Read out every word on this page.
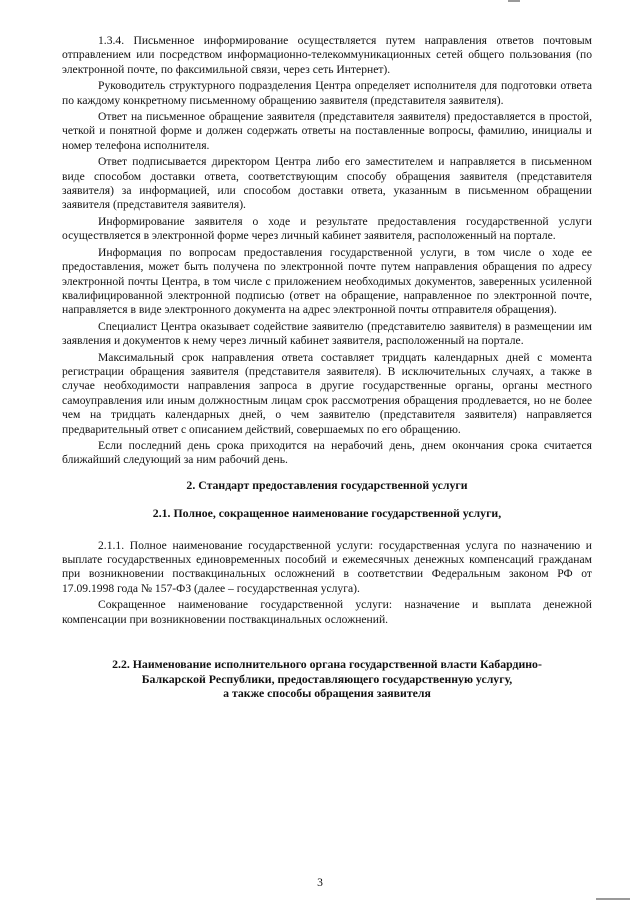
1.3.4. Письменное информирование осуществляется путем направления ответов почтовым отправлением или посредством информационно-телекоммуникационных сетей общего пользования (по электронной почте, по факсимильной связи, через сеть Интернет).

Руководитель структурного подразделения Центра определяет исполнителя для подготовки ответа по каждому конкретному письменному обращению заявителя (представителя заявителя).

Ответ на письменное обращение заявителя (представителя заявителя) предоставляется в простой, четкой и понятной форме и должен содержать ответы на поставленные вопросы, фамилию, инициалы и номер телефона исполнителя.

Ответ подписывается директором Центра либо его заместителем и направляется в письменном виде способом доставки ответа, соответствующим способу обращения заявителя (представителя заявителя) за информацией, или способом доставки ответа, указанным в письменном обращении заявителя (представителя заявителя).

Информирование заявителя о ходе и результате предоставления государственной услуги осуществляется в электронной форме через личный кабинет заявителя, расположенный на портале.

Информация по вопросам предоставления государственной услуги, в том числе о ходе ее предоставления, может быть получена по электронной почте путем направления обращения по адресу электронной почты Центра, в том числе с приложением необходимых документов, заверенных усиленной квалифицированной электронной подписью (ответ на обращение, направленное по электронной почте, направляется в виде электронного документа на адрес электронной почты отправителя обращения).

Специалист Центра оказывает содействие заявителю (представителю заявителя) в размещении им заявления и документов к нему через личный кабинет заявителя, расположенный на портале.

Максимальный срок направления ответа составляет тридцать календарных дней с момента регистрации обращения заявителя (представителя заявителя). В исключительных случаях, а также в случае необходимости направления запроса в другие государственные органы, органы местного самоуправления или иным должностным лицам срок рассмотрения обращения продлевается, но не более чем на тридцать календарных дней, о чем заявителю (представителя заявителя) направляется предварительный ответ с описанием действий, совершаемых по его обращению.

Если последний день срока приходится на нерабочий день, днем окончания срока считается ближайший следующий за ним рабочий день.

2. Стандарт предоставления государственной услуги
2.1. Полное, сокращенное наименование государственной услуги,

2.1.1. Полное наименование государственной услуги: государственная услуга по назначению и выплате государственных единовременных пособий и ежемесячных денежных компенсаций гражданам при возникновении поствакцинальных осложнений в соответствии Федеральным законом РФ от 17.09.1998 года № 157-ФЗ (далее – государственная услуга).

Сокращенное наименование государственной услуги: назначение и выплата денежной компенсации при возникновении поствакцинальных осложнений.

2.2. Наименование исполнительного органа государственной власти Кабардино-
Балкарской Республики, предоставляющего государственную услугу,
а также способы обращения заявителя
3
